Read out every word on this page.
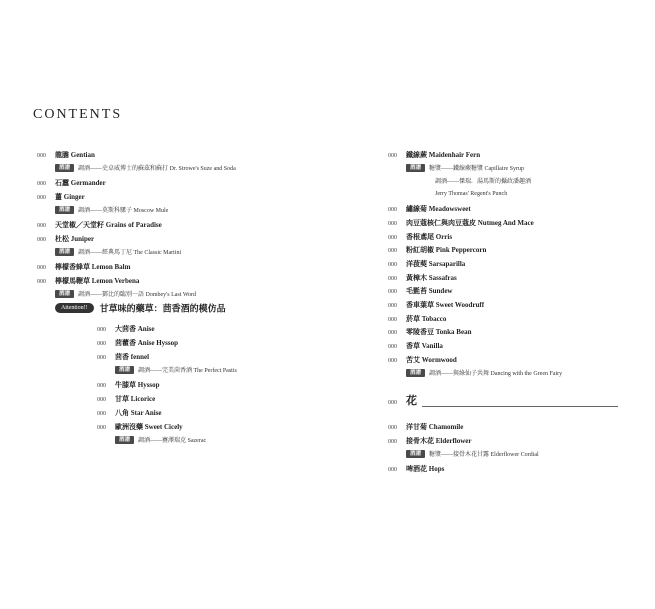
CONTENTS
000 龍膽 Gentian
酒譜 調酒——史卓威博士的蘇茲和蘇打 Dr. Strowe's Suze and Soda
000 石蠶 Germander
000 薑 Ginger
酒譜 調酒——莫斯科騾子 Moscow Mule
000 天堂椒／天堂籽 Grains of Paradise
000 杜松 Juniper
酒譜 調酒——經典馬丁尼 The Classic Martini
000 檸檬香蜂草 Lemon Balm
000 檸檬馬鞭草 Lemon Verbena
酒譜 調酒——鄧比的臨別一語 Dombey's Last Word
Attention!! 甘草味的藥草：茴香酒的模仿品
000 大茴香 Anise
000 茴藿香 Anise Hyssop
000 茴香 fennel
酒譜 調酒——完美茴香酒 The Perfect Pastis
000 牛膝草 Hyssop
000 甘草 Licorice
000 八角 Star Anise
000 歐洲沒藥 Sweet Cicely
酒譜 調酒——賽澤瑞克 Sazerac
000 鐵線蕨 Maidenhair Fern
酒譜 糖漿——鐵線蕨糖漿 Capillaire Syrup
調酒——傑瑞．湯馬斯的攝政潘趣酒
Jerry Thomas' Regent's Punch
000 繡線菊 Meadowsweet
000 肉豆蔻核仁與肉豆蔻皮 Nutmeg And Mace
000 香根鳶尾 Orris
000 粉紅胡椒 Pink Peppercorn
000 洋菝葜 Sarsaparilla
000 黃樟木 Sassafras
000 毛氈苔 Sundew
000 香車葉草 Sweet Woodruff
000 菸草 Tobacco
000 零陵香豆 Tonka Bean
000 香草 Vanilla
000 苦艾 Wormwood
酒譜 調酒——與綠仙子共舞 Dancing with the Green Fairy
000 花
000 洋甘菊 Chamomile
000 接骨木花 Elderflower
酒譜 糖漿——接骨木花甘露 Elderflower Cordial
000 啤酒花 Hops
